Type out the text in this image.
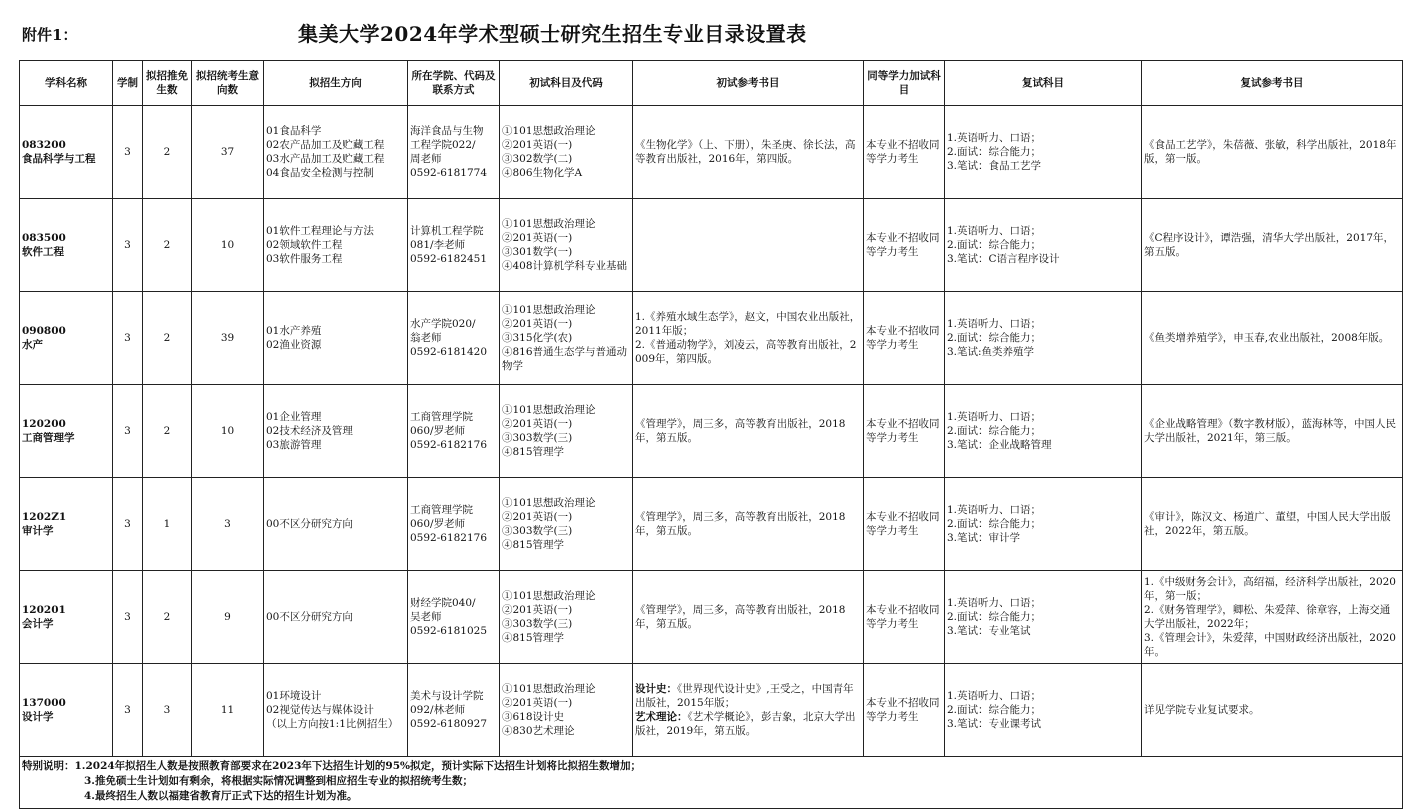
附件1：	集美大学2024年学术型硕士研究生招生专业目录设置表
学科名称	学制	拟招推免生数	拟招统考生意向数	拟招生方向	所在学院、代码及联系方式	初试科目及代码	初试参考书目	同等学力加试科目	复试科目	复试参考书目

083200
食品科学与工程	3	2	37	01食品科学
02农产品加工及贮藏工程
03水产品加工及贮藏工程
04食品安全检测与控制	海洋食品与生物
工程学院022/
周老师
0592-6181774	①101思想政治理论
②201英语(一)
③302数学(二)
④806生物化学A	《生物化学》（上、下册），朱圣庚、徐长法，高等教育出版社，2016年，第四版。	本专业不招收同等学力考生	1.英语听力、口语；
2.面试：综合能力；
3.笔试：食品工艺学	《食品工艺学》，朱蓓薇、张敏，科学出版社，2018年版，第一版。

083500
软件工程	3	2	10	01软件工程理论与方法
02领域软件工程
03软件服务工程	计算机工程学院
081/李老师
0592-6182451	①101思想政治理论
②201英语(一)
③301数学(一)
④408计算机学科专业基础		本专业不招收同等学力考生	1.英语听力、口语；
2.面试：综合能力；
3.笔试：C语言程序设计	《C程序设计》，谭浩强，清华大学出版社，2017年，第五版。

090800
水产	3	2	39	01水产养殖
02渔业资源	水产学院020/
翁老师
0592-6181420	①101思想政治理论
②201英语(一)
③315化学(农)
④816普通生态学与普通动物学	1.《养殖水域生态学》，赵文，中国农业出版社，2011年版；
2.《普通动物学》，刘凌云，高等教育出版社，2009年，第四版。	本专业不招收同等学力考生	1.英语听力、口语；
2.面试：综合能力；
3.笔试:鱼类养殖学	《鱼类增养殖学》，申玉春,农业出版社，2008年版。

120200
工商管理学	3	2	10	01企业管理
02技术经济及管理
03旅游管理	工商管理学院
060/罗老师
0592-6182176	①101思想政治理论
②201英语(一)
③303数学(三)
④815管理学	《管理学》，周三多，高等教育出版社，2018年，第五版。	本专业不招收同等学力考生	1.英语听力、口语；
2.面试：综合能力；
3.笔试：企业战略管理	《企业战略管理》（数字教材版），蓝海林等，中国人民大学出版社，2021年，第三版。

1202Z1
审计学	3	1	3	00不区分研究方向	工商管理学院
060/罗老师
0592-6182176	①101思想政治理论
②201英语(一)
③303数学(三)
④815管理学	《管理学》，周三多，高等教育出版社，2018年，第五版。	本专业不招收同等学力考生	1.英语听力、口语；
2.面试：综合能力；
3.笔试：审计学	《审计》，陈汉文、杨道广、董望，中国人民大学出版社，2022年，第五版。

120201
会计学	3	2	9	00不区分研究方向	财经学院040/
吴老师
0592-6181025	①101思想政治理论
②201英语(一)
③303数学(三)
④815管理学	《管理学》，周三多，高等教育出版社，2018年，第五版。	本专业不招收同等学力考生	1.英语听力、口语；
2.面试：综合能力；
3.笔试：专业笔试	1.《中级财务会计》，高绍福，经济科学出版社，2020年，第一版；
2.《财务管理学》，卿松、朱爱萍、徐章容，上海交通大学出版社，2022年；
3.《管理会计》，朱爱萍，中国财政经济出版社，2020年。

137000
设计学	3	3	11	01环境设计
02视觉传达与媒体设计
（以上方向按1:1比例招生）	美术与设计学院
092/林老师
0592-6180927	①101思想政治理论
②201英语(一)
③618设计史
④830艺术理论	设计史：《世界现代设计史》,王受之，中国青年出版社，2015年版；
艺术理论：《艺术学概论》，彭吉象，北京大学出版社，2019年，第五版。	本专业不招收同等学力考生	1.英语听力、口语；
2.面试：综合能力；
3.笔试：专业课考试	详见学院专业复试要求。

特别说明：1.2024年拟招生人数是按照教育部要求在2023年下达招生计划的95%拟定，预计实际下达招生计划将比拟招生数增加；
3.推免硕士生计划如有剩余，将根据实际情况调整到相应招生专业的拟招统考生数；
4.最终招生人数以福建省教育厅正式下达的招生计划为准。										
